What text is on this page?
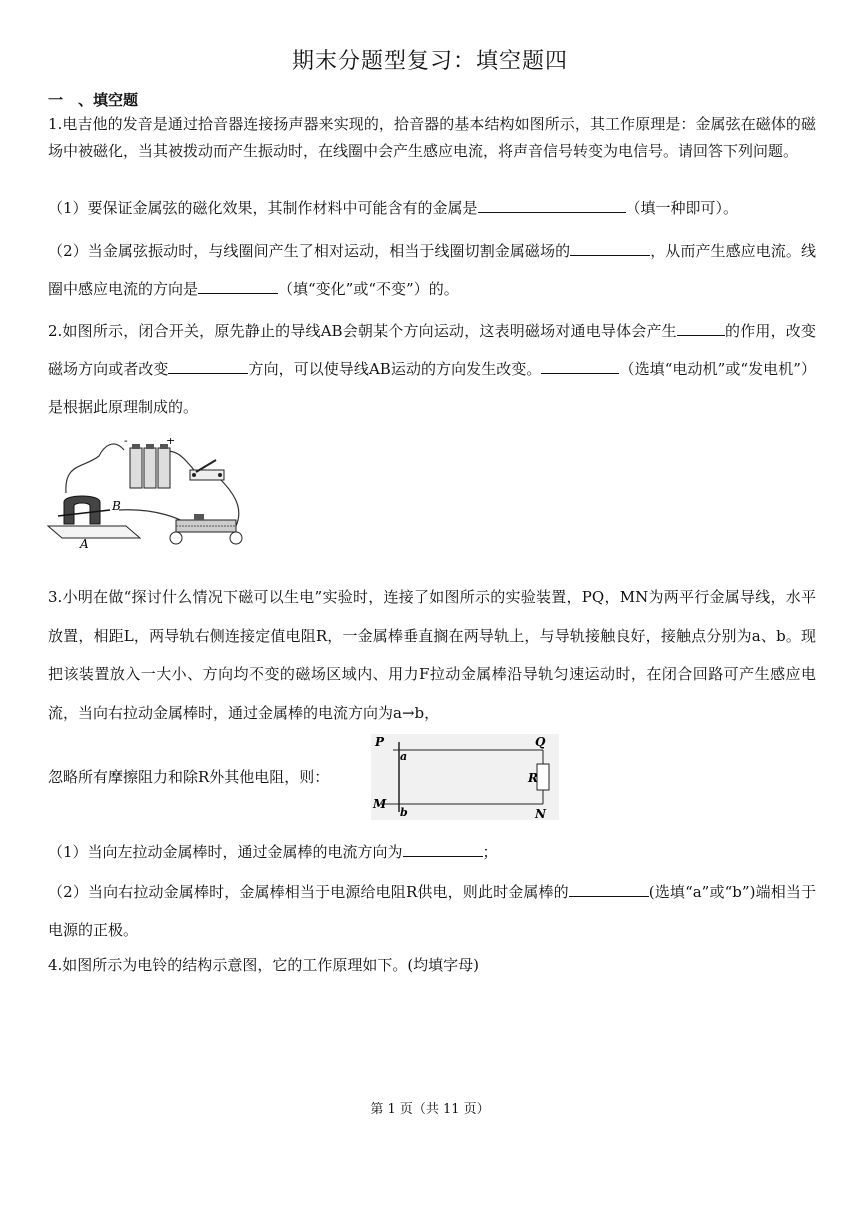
期末分题型复习：填空题四
一　、填空题
1.电吉他的发音是通过拾音器连接扬声器来实现的，拾音器的基本结构如图所示，其工作原理是：金属弦在磁体的磁场中被磁化，当其被拨动而产生振动时，在线圈中会产生感应电流，将声音信号转变为电信号。请回答下列问题。
（1）要保证金属弦的磁化效果，其制作材料中可能含有的金属是	（填一种即可）。
（2）当金属弦振动时，与线圈间产生了相对运动，相当于线圈切割金属磁场的	，从而产生感应电流。线圈中感应电流的方向是	（填“变化”或“不变”）的。
2.如图所示，闭合开关，原先静止的导线AB会朝某个方向运动，这表明磁场对通电导体会产生	的作用，改变磁场方向或者改变	方向，可以使导线AB运动的方向发生改变。	（选填“电动机”或“发电机”）是根据此原理制成的。
-	+
B
A
3.小明在做“探讨什么情况下磁可以生电”实验时，连接了如图所示的实验装置，PQ，MN为两平行金属导线，水平放置，相距L，两导轨右侧连接定值电阻R，一金属棒垂直搁在两导轨上，与导轨接触良好，接触点分别为a、b。现把该装置放入一大小、方向均不变的磁场区域内、用力F拉动金属棒沿导轨匀速运动时，在闭合回路可产生感应电流，当向右拉动金属棒时，通过金属棒的电流方向为a→b，
忽略所有摩擦阻力和除R外其他电阻，则：
P	Q
a
b
M
N
R
（1）当向左拉动金属棒时，通过金属棒的电流方向为	；
（2）当向右拉动金属棒时，金属棒相当于电源给电阻R供电，则此时金属棒的	(选填“a”或“b”)端相当于电源的正极。
4.如图所示为电铃的结构示意图，它的工作原理如下。(均填字母)
第 1 页（共 11 页）
